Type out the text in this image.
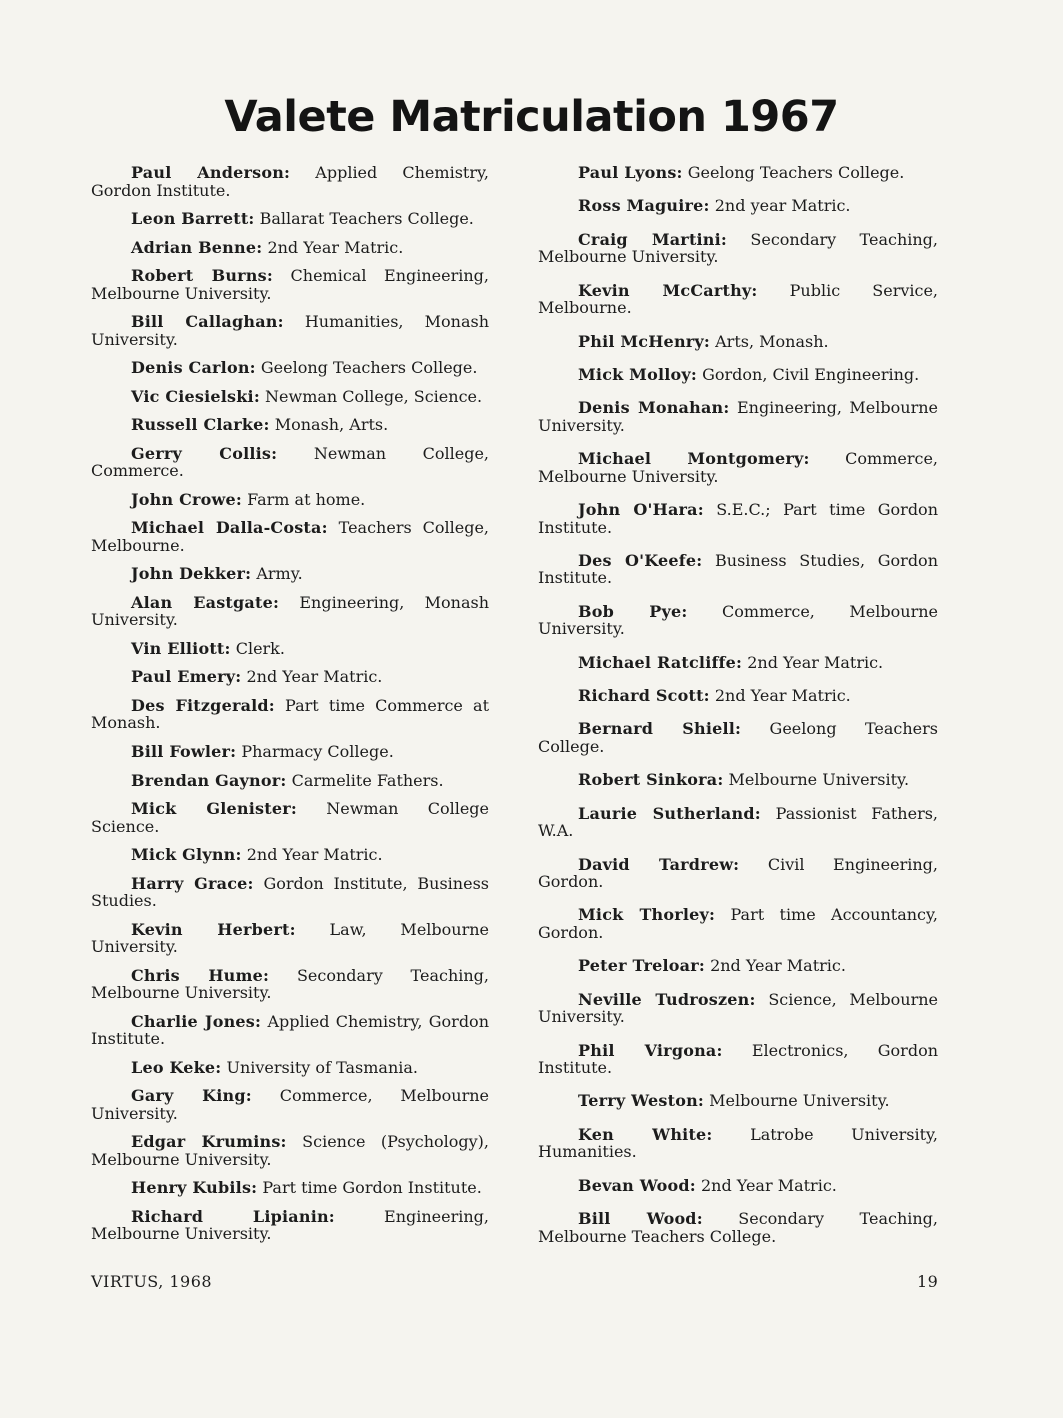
Valete Matriculation 1967

Paul Anderson: Applied Chemistry, Gordon Institute.

Leon Barrett: Ballarat Teachers College.

Adrian Benne: 2nd Year Matric.

Robert Burns: Chemical Engineering, Melbourne University.

Bill Callaghan: Humanities, Monash University.

Denis Carlon: Geelong Teachers College.

Vic Ciesielski: Newman College, Science.

Russell Clarke: Monash, Arts.

Gerry Collis: Newman College, Commerce.

John Crowe: Farm at home.

Michael Dalla-Costa: Teachers College, Melbourne.

John Dekker: Army.

Alan Eastgate: Engineering, Monash University.

Vin Elliott: Clerk.

Paul Emery: 2nd Year Matric.

Des Fitzgerald: Part time Commerce at Monash.

Bill Fowler: Pharmacy College.

Brendan Gaynor: Carmelite Fathers.

Mick Glenister: Newman College Science.

Mick Glynn: 2nd Year Matric.

Harry Grace: Gordon Institute, Business Studies.

Kevin Herbert: Law, Melbourne University.

Chris Hume: Secondary Teaching, Melbourne University.

Charlie Jones: Applied Chemistry, Gordon Institute.

Leo Keke: University of Tasmania.

Gary King: Commerce, Melbourne University.

Edgar Krumins: Science (Psychology), Melbourne University.

Henry Kubils: Part time Gordon Institute.

Richard Lipianin:	Engineering, Melbourne University.

Paul Lyons: Geelong Teachers College.

Ross Maguire: 2nd year Matric.

Craig Martini: Secondary Teaching, Melbourne University.

Kevin McCarthy: Public Service, Melbourne.

Phil McHenry: Arts, Monash.

Mick Molloy: Gordon, Civil Engineering.

Denis Monahan: Engineering, Melbourne University.

Michael Montgomery: Commerce, Melbourne University.

John O'Hara: S.E.C.; Part time Gordon Institute.

Des O'Keefe: Business Studies, Gordon Institute.

Bob Pye: Commerce, Melbourne University.

Michael Ratcliffe: 2nd Year Matric.

Richard Scott: 2nd Year Matric.

Bernard Shiell: Geelong Teachers College.

Robert Sinkora: Melbourne University.

Laurie Sutherland: Passionist Fathers, W.A.

David Tardrew: Civil Engineering, Gordon.

Mick Thorley: Part time Accountancy, Gordon.

Peter Treloar: 2nd Year Matric.

Neville Tudroszen: Science, Melbourne University.

Phil Virgona: Electronics, Gordon Institute.

Terry Weston: Melbourne University.

Ken White: Latrobe University, Humanities.

Bevan Wood: 2nd Year Matric.

Bill Wood: Secondary Teaching, Melbourne Teachers College.

VIRTUS, 1968	19
